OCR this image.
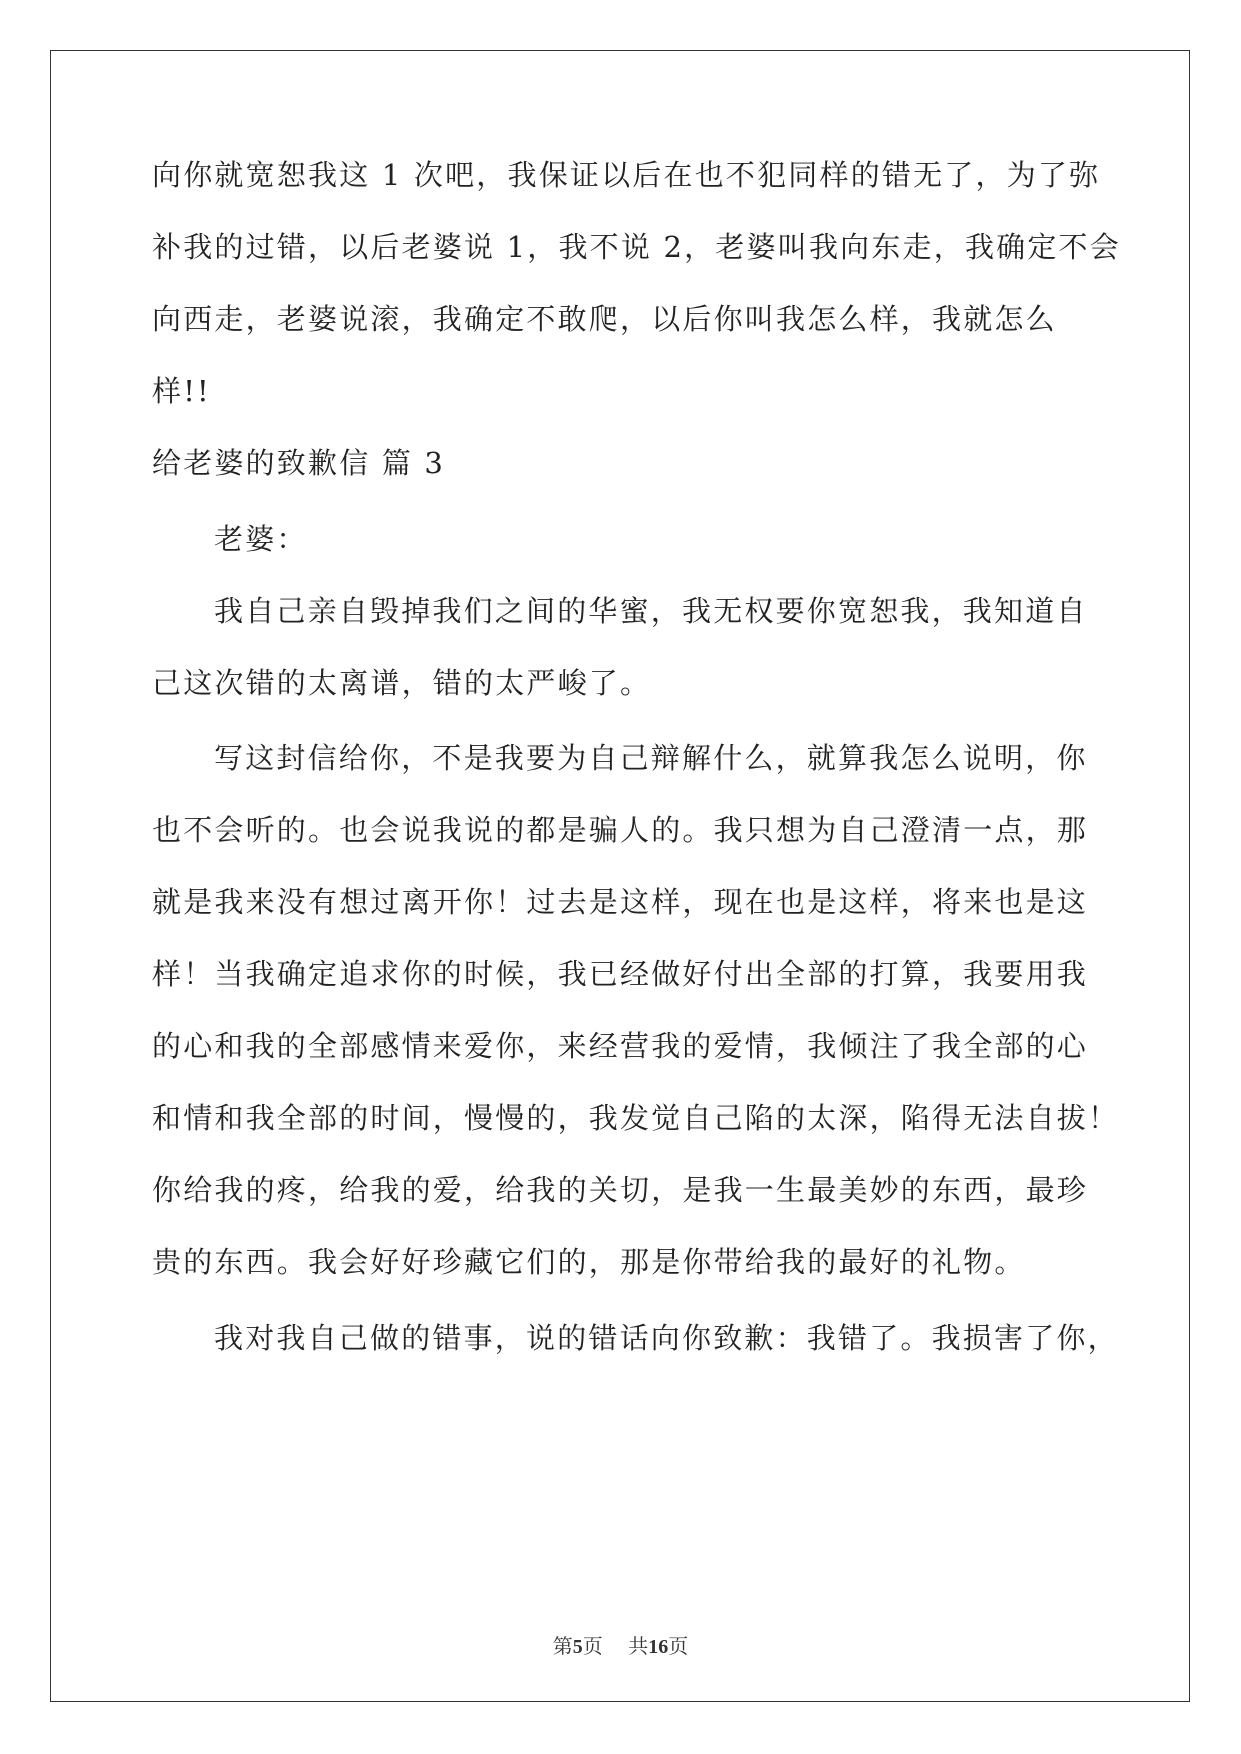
向你就宽恕我这 1 次吧，我保证以后在也不犯同样的错无了，为了弥
补我的过错，以后老婆说 1，我不说 2，老婆叫我向东走，我确定不会
向西走，老婆说滚，我确定不敢爬，以后你叫我怎么样，我就怎么
样!!
给老婆的致歉信 篇 3
老婆：
我自己亲自毁掉我们之间的华蜜，我无权要你宽恕我，我知道自
己这次错的太离谱，错的太严峻了。
写这封信给你，不是我要为自己辩解什么，就算我怎么说明，你
也不会听的。也会说我说的都是骗人的。我只想为自己澄清一点，那
就是我来没有想过离开你！过去是这样，现在也是这样，将来也是这
样！当我确定追求你的时候，我已经做好付出全部的打算，我要用我
的心和我的全部感情来爱你，来经营我的爱情，我倾注了我全部的心
和情和我全部的时间，慢慢的，我发觉自己陷的太深，陷得无法自拔！
你给我的疼，给我的爱，给我的关切，是我一生最美妙的东西，最珍
贵的东西。我会好好珍藏它们的，那是你带给我的最好的礼物。
我对我自己做的错事，说的错话向你致歉：我错了。我损害了你，
第5页 共16页
